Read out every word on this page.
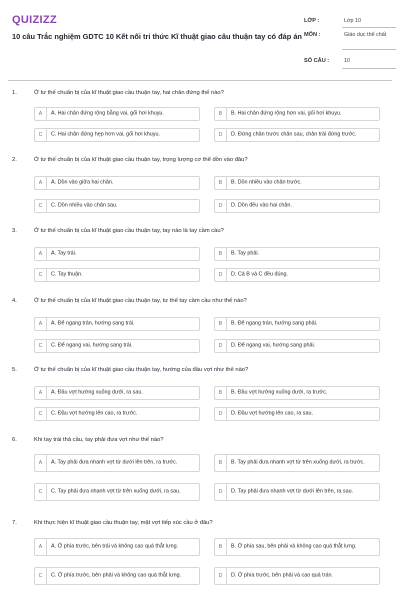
QUIZIZZ
10 câu Trắc nghiệm GDTC 10 Kết nối tri thức Kĩ thuật giao câu thuận tay có đáp án
LỚP :	Lớp 10
MÔN :	Giáo dục thể chất
SỐ CÂU :	10
1.	Ở tư thế chuẩn bị của kĩ thuật giao cầu thuận tay, hai chân đứng thế nào?
A	A. Hai chân đứng rộng bằng vai, gối hơi khuỵu.	B	B. Hai chân đứng rộng hơn vai, gối hơi khuỵu.
C	C. Hai chân đứng hẹp hơn vai, gối hơi khuỵu.	D	D. Đứng chân trước chân sau, chân trái đứng trước.
2.	Ở tư thế chuẩn bị của kĩ thuật giao cầu thuận tay, trọng lượng cơ thể dồn vào đâu?
A	A. Dồn vào giữa hai chân.	B	B. Dồn nhiều vào chân trước.
C	C. Dồn nhiều vào chân sau.	D	D. Dồn đều vào hai chân.
3.	Ở tư thế chuẩn bị của kĩ thuật giao cầu thuận tay, tay nào là tay cầm cầu?
A	A. Tay trái.	B	B. Tay phải.
C	C. Tay thuận.	D	D. Cả B và C đều đúng.
4.	Ở tư thế chuẩn bị của kĩ thuật giao cầu thuận tay, tư thế tay cầm cầu như thế nào?
A	A. Để ngang trán, hướng sang trái.	B	B. Để ngang trán, hướng sang phải.
C	C. Để ngang vai, hướng sang trái.	D	D. Để ngang vai, hướng sang phải.
5.	Ở tư thế chuẩn bị của kĩ thuật giao cầu thuận tay, hướng của đầu vợt như thế nào?
A	A. Đầu vợt hướng xuống dưới, ra sau.	B	B. Đầu vợt hướng xuống dưới, ra trước.
C	C. Đầu vợt hướng lên cao, ra trước.	D	D. Đầu vợt hướng lên cao, ra sau.
6.	Khi tay trái thả cầu, tay phải đưa vợt như thế nào?
A	A. Tay phải đưa nhanh vợt từ dưới lên trên, ra trước.	B	B. Tay phải đưa nhanh vợt từ trên xuống dưới, ra trước.
C	C. Tay phải đưa nhanh vợt từ trên xuống dưới, ra sau.	D	D. Tay phải đưa nhanh vợt từ dưới lên trên, ra sau.
7.	Khi thực hiện kĩ thuật giao cầu thuận tay, mặt vợt tiếp xúc cầu ở đâu?
A	A. Ở phía trước, bên trái và không cao quá thắt lưng.	B	B. Ở phía sau, bên phải và không cao quá thắt lưng.
C	C. Ở phía trước, bên phải và không cao quá thắt lưng.	D	D. Ở phía trước, bên phải và cao quá trán.
